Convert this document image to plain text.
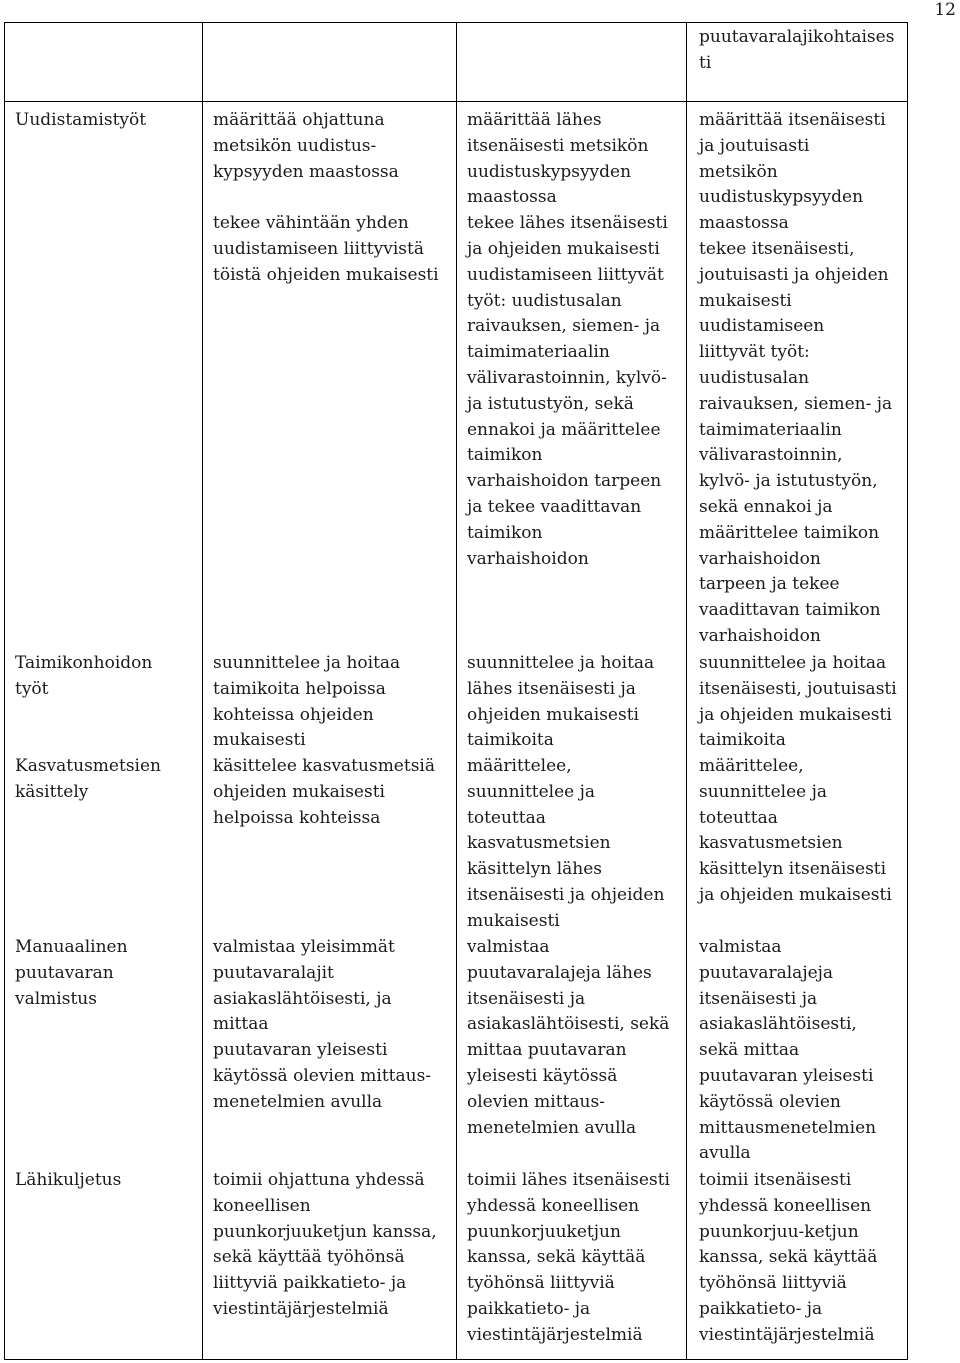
12
puutavaralajikohtaises
ti
Uudistamistyöt	määrittää ohjattuna
metsikön uudistus-
kypsyyden maastossa

tekee vähintään yhden
uudistamiseen liittyvistä
töistä ohjeiden mukaisesti
määrittää lähes
itsenäisesti metsikön
uudistuskypsyyden
maastossa
tekee lähes itsenäisesti
ja ohjeiden mukaisesti
uudistamiseen liittyvät
työt: uudistusalan
raivauksen, siemen- ja
taimimateriaalin
välivarastoinnin, kylvö-
ja istutustyön, sekä
ennakoi ja määrittelee
taimikon
varhaishoidon tarpeen
ja tekee vaadittavan
taimikon
varhaishoidon
määrittää itsenäisesti
ja joutuisasti
metsikön
uudistuskypsyyden
maastossa
tekee itsenäisesti,
joutuisasti ja ohjeiden
mukaisesti
uudistamiseen
liittyvät työt:
uudistusalan
raivauksen, siemen- ja
taimimateriaalin
välivarastoinnin,
kylvö- ja istutustyön,
sekä ennakoi ja
määrittelee taimikon
varhaishoidon
tarpeen ja tekee
vaadittavan taimikon
varhaishoidon
Taimikonhoidon
työt
suunnittelee ja hoitaa
taimikoita helpoissa
kohteissa ohjeiden
mukaisesti
suunnittelee ja hoitaa
lähes itsenäisesti ja
ohjeiden mukaisesti
taimikoita
suunnittelee ja hoitaa
itsenäisesti, joutuisasti
ja ohjeiden mukaisesti
taimikoita
Kasvatusmetsien
käsittely
käsittelee kasvatusmetsiä
ohjeiden mukaisesti
helpoissa kohteissa
määrittelee,
suunnittelee ja
toteuttaa
kasvatusmetsien
käsittelyn lähes
itsenäisesti ja ohjeiden
mukaisesti
määrittelee,
suunnittelee ja
toteuttaa
kasvatusmetsien
käsittelyn itsenäisesti
ja ohjeiden mukaisesti
Manuaalinen
puutavaran
valmistus
valmistaa yleisimmät
puutavaralajit
asiakaslähtöisesti, ja mittaa
puutavaran yleisesti
käytössä olevien mittaus-
menetelmien avulla
valmistaa
puutavaralajeja lähes
itsenäisesti ja
asiakaslähtöisesti, sekä
mittaa puutavaran
yleisesti käytössä
olevien mittaus-
menetelmien avulla
valmistaa
puutavaralajeja
itsenäisesti ja
asiakaslähtöisesti,
sekä mittaa
puutavaran yleisesti
käytössä olevien
mittausmenetelmien
avulla
Lähikuljetus	toimii ohjattuna yhdessä
koneellisen
puunkorjuuketjun kanssa,
sekä käyttää työhönsä
liittyviä paikkatieto- ja
viestintäjärjestelmiä
toimii lähes itsenäisesti
yhdessä koneellisen
puunkorjuuketjun
kanssa, sekä käyttää
työhönsä liittyviä
paikkatieto- ja
viestintäjärjestelmiä
toimii itsenäisesti
yhdessä koneellisen
puunkorjuu-ketjun
kanssa, sekä käyttää
työhönsä liittyviä
paikkatieto- ja
viestintäjärjestelmiä
